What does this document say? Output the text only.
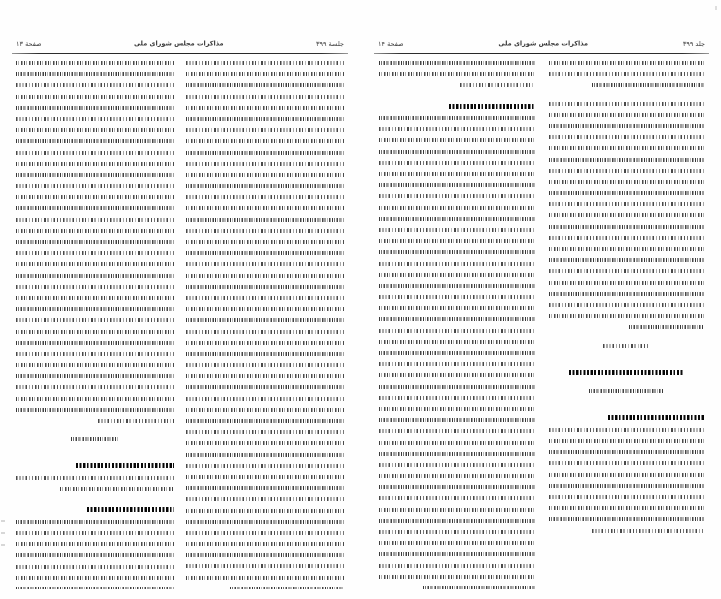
جلد ۳۹۹
مذاکرات مجلس شورای ملی
صفحة ۱۴
جلسة ۳۹۹
مذاکرات مجلس شورای ملی
صفحة ۱۳
